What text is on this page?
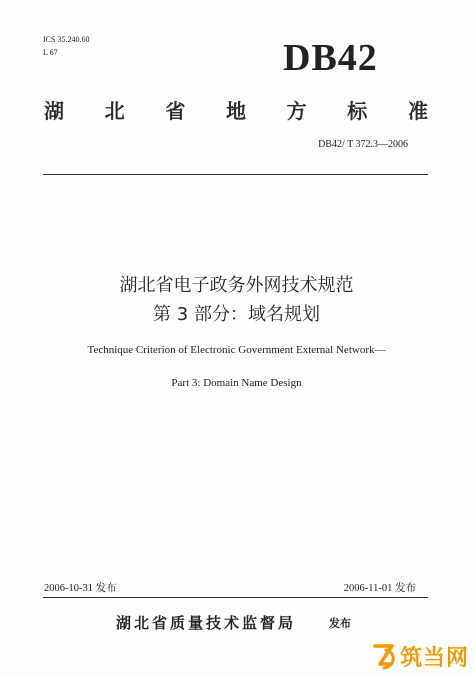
ICS 35.240.60
L 67	DB42
湖 北 省 地 方 标 准
DB42/ T 372.3—2006
湖北省电子政务外网技术规范
第 3 部分：域名规划
Technique Criterion of Electronic Government External Network—
Part 3: Domain Name Design
2006-10-31 发布	2006-11-01 发布
湖北省质量技术监督局	发布
筑当网
